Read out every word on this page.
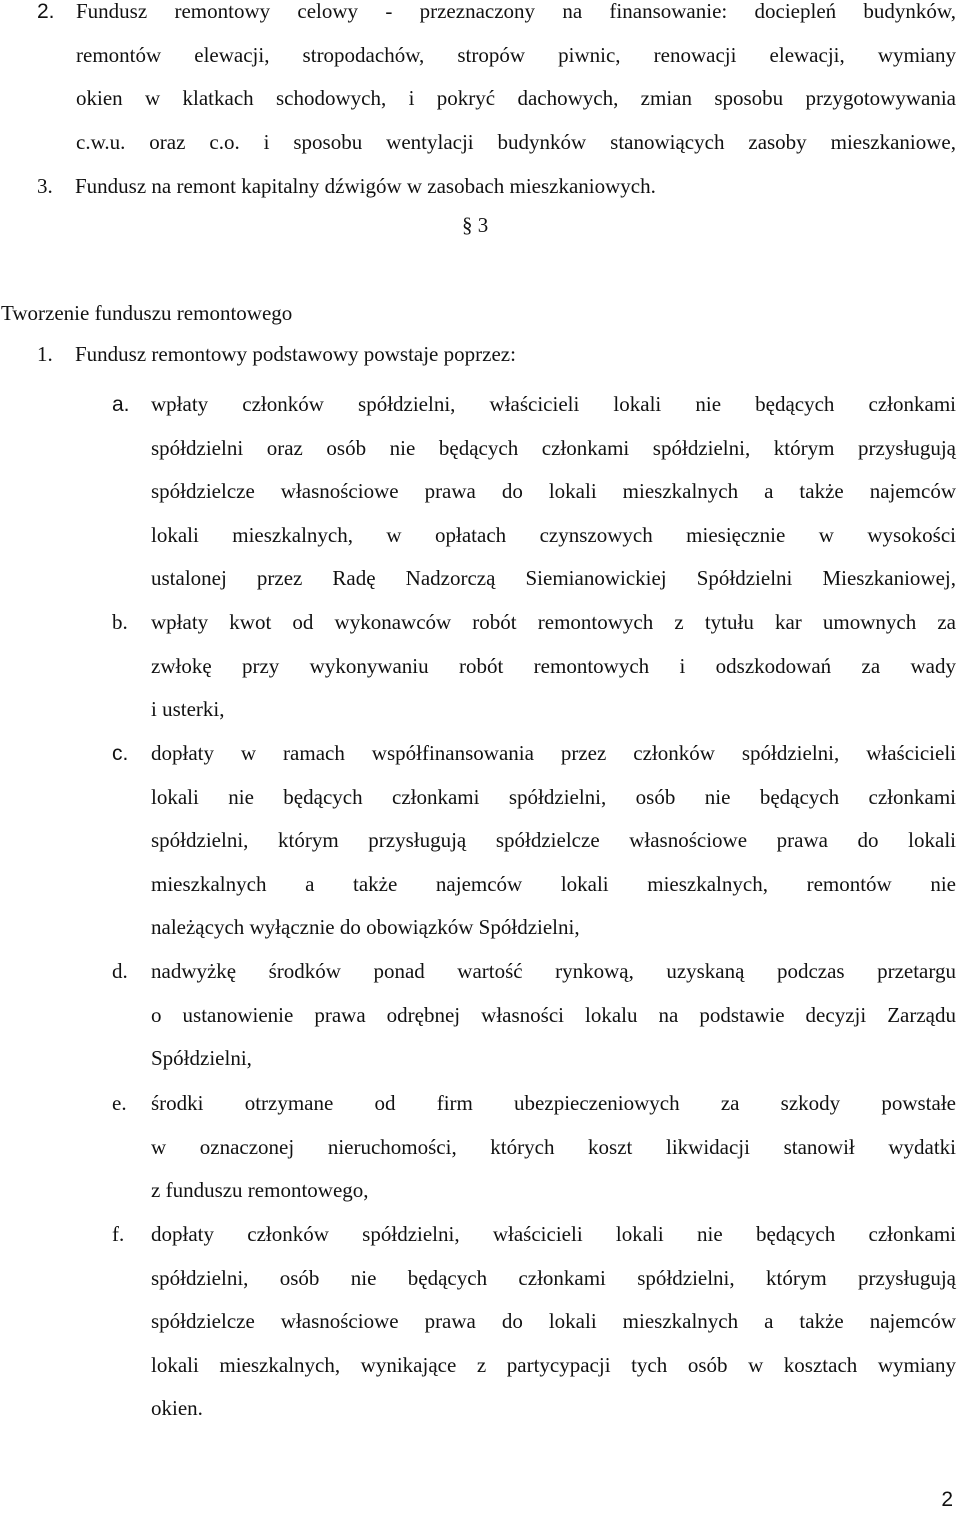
2. Fundusz remontowy celowy - przeznaczony na finansowanie: dociepleń budynków,
remontów elewacji, stropodachów, stropów piwnic, renowacji elewacji, wymiany
okien w klatkach schodowych, i pokryć dachowych, zmian sposobu przygotowywania
c.w.u. oraz c.o. i sposobu wentylacji budynków stanowiących zasoby mieszkaniowe,
3. Fundusz na remont kapitalny dźwigów w zasobach mieszkaniowych.
§ 3
Tworzenie funduszu remontowego
1. Fundusz remontowy podstawowy powstaje poprzez:
a. wpłaty członków spółdzielni, właścicieli lokali nie będących członkami
spółdzielni oraz osób nie będących członkami spółdzielni, którym przysługują
spółdzielcze własnościowe prawa do lokali mieszkalnych a także najemców
lokali mieszkalnych, w opłatach czynszowych miesięcznie w wysokości
ustalonej przez Radę Nadzorczą Siemianowickiej Spółdzielni Mieszkaniowej,
b. wpłaty kwot od wykonawców robót remontowych z tytułu kar umownych za
zwłokę przy wykonywaniu robót remontowych i odszkodowań za wady
i usterki,
c. dopłaty w ramach współfinansowania przez członków spółdzielni, właścicieli
lokali nie będących członkami spółdzielni, osób nie będących członkami
spółdzielni, którym przysługują spółdzielcze własnościowe prawa do lokali
mieszkalnych a także najemców lokali mieszkalnych, remontów nie
należących wyłącznie do obowiązków Spółdzielni,
d. nadwyżkę środków ponad wartość rynkową, uzyskaną podczas przetargu
o ustanowienie prawa odrębnej własności lokalu na podstawie decyzji Zarządu
Spółdzielni,
e. środki otrzymane od firm ubezpieczeniowych za szkody powstałe
w oznaczonej nieruchomości, których koszt likwidacji stanowił wydatki
z funduszu remontowego,
f. dopłaty członków spółdzielni, właścicieli lokali nie będących członkami
spółdzielni, osób nie będących członkami spółdzielni, którym przysługują
spółdzielcze własnościowe prawa do lokali mieszkalnych a także najemców
lokali mieszkalnych, wynikające z partycypacji tych osób w kosztach wymiany
okien.
2
